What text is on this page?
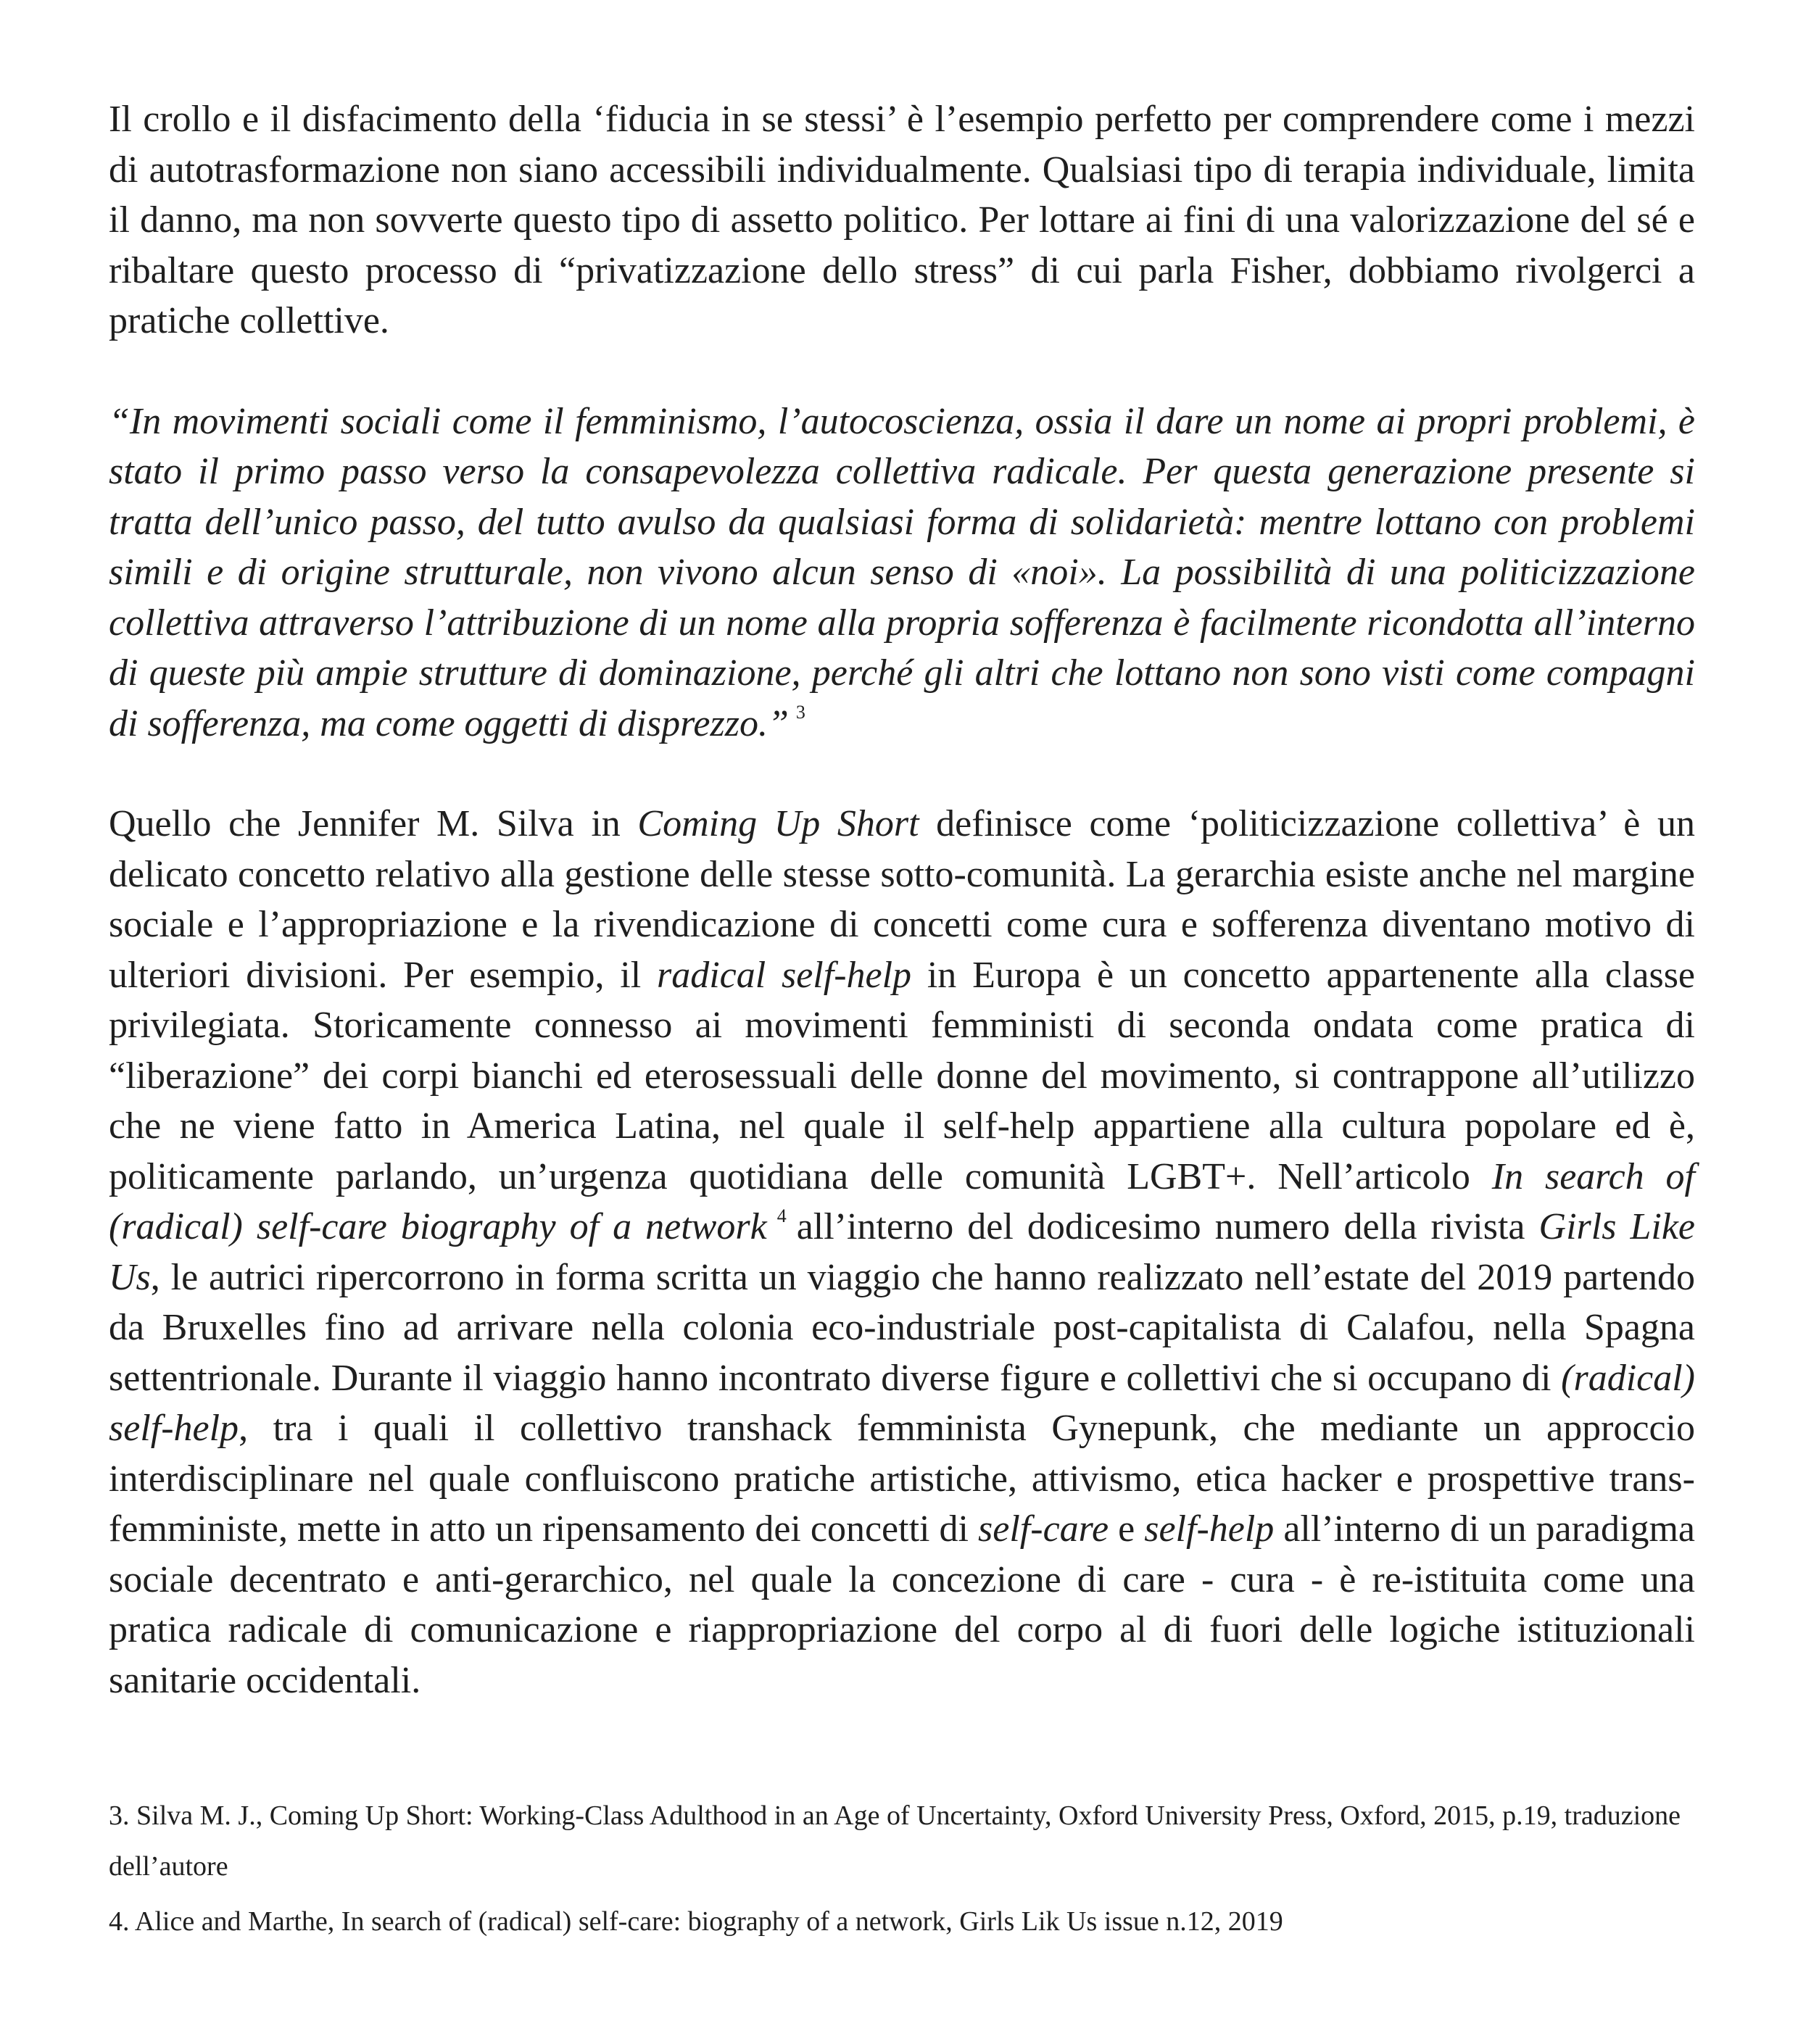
Il crollo e il disfacimento della ‘fiducia in se stessi’ è l’esempio perfetto per comprendere come i mezzi di autotrasformazione non siano accessibili individualmente. Qualsiasi tipo di terapia individuale, limita il danno, ma non sovverte questo tipo di assetto politico. Per lottare ai fini di una valorizzazione del sé e ribaltare questo processo di “privatizzazione dello stress” di cui parla Fisher, dobbiamo rivolgerci a pratiche collettive.

“In movimenti sociali come il femminismo, l’autocoscienza, ossia il dare un nome ai propri problemi, è stato il primo passo verso la consapevolezza collettiva radicale. Per questa generazione presente si tratta dell’unico passo, del tutto avulso da qualsiasi forma di solidarietà: mentre lottano con problemi simili e di origine strutturale, non vivono alcun senso di «noi». La possibilità di una politicizzazione collettiva attraverso l’attribuzione di un nome alla propria sofferenza è facilmente ricondotta all’interno di queste più ampie strutture di dominazione, perché gli altri che lottano non sono visti come compagni di sofferenza, ma come oggetti di disprezzo.” $^3$

Quello che Jennifer M. Silva in Coming Up Short definisce come ‘politicizzazione collettiva’ è un delicato concetto relativo alla gestione delle stesse sotto-comunità. La gerarchia esiste anche nel margine sociale e l’appropriazione e la rivendicazione di concetti come cura e sofferenza diventano motivo di ulteriori divisioni. Per esempio, il radical self-help in Europa è un concetto appartenente alla classe privilegiata. Storicamente connesso ai movimenti femministi di seconda ondata come pratica di “liberazione” dei corpi bianchi ed eterosessuali delle donne del movimento, si contrappone all’utilizzo che ne viene fatto in America Latina, nel quale il self-help appartiene alla cultura popolare ed è, politicamente parlando, un’urgenza quotidiana delle comunità LGBT+. Nell’articolo In search of (radical) self-care biography of a network $^4$ all’interno del dodicesimo numero della rivista Girls Like Us, le autrici ripercorrono in forma scritta un viaggio che hanno realizzato nell’estate del 2019 partendo da Bruxelles fino ad arrivare nella colonia eco-industriale post-capitalista di Calafou, nella Spagna settentrionale. Durante il viaggio hanno incontrato diverse figure e collettivi che si occupano di (radical) self-help, tra i quali il collettivo transhack femminista Gynepunk, che mediante un approccio interdisciplinare nel quale confluiscono pratiche artistiche, attivismo, etica hacker e prospettive trans-femministe, mette in atto un ripensamento dei concetti di self-care e self-help all’interno di un paradigma sociale decentrato e anti-gerarchico, nel quale la concezione di care - cura - è re-istituita come una pratica radicale di comunicazione e riappropriazione del corpo al di fuori delle logiche istituzionali sanitarie occidentali.

3. Silva M. J., Coming Up Short: Working-Class Adulthood in an Age of Uncertainty, Oxford University Press, Oxford, 2015, p.19, traduzione dell’autore

4. Alice and Marthe, In search of (radical) self-care: biography of a network, Girls Lik Us issue n.12, 2019
